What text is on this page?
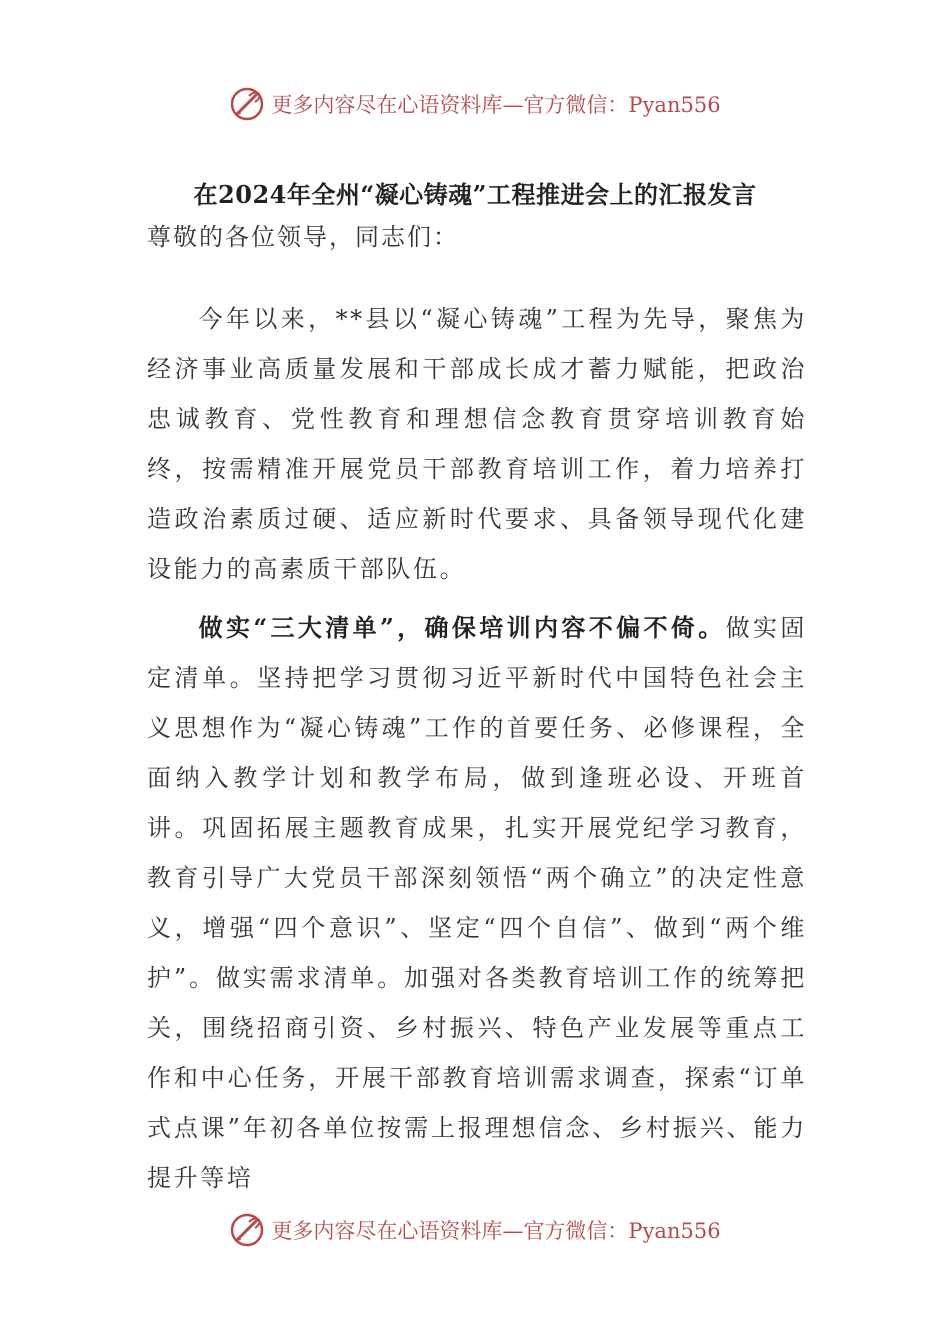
更多内容尽在心语资料库—官方微信：Pyan556
在2024年全州“凝心铸魂”工程推进会上的汇报发言
尊敬的各位领导，同志们：

今年以来，**县以“凝心铸魂”工程为先导，聚焦为经济事业高质量发展和干部成长成才蓄力赋能，把政治忠诚教育、党性教育和理想信念教育贯穿培训教育始终，按需精准开展党员干部教育培训工作，着力培养打造政治素质过硬、适应新时代要求、具备领导现代化建设能力的高素质干部队伍。

做实“三大清单”，确保培训内容不偏不倚。做实固定清单。坚持把学习贯彻习近平新时代中国特色社会主义思想作为“凝心铸魂”工作的首要任务、必修课程，全面纳入教学计划和教学布局，做到逢班必设、开班首讲。巩固拓展主题教育成果，扎实开展党纪学习教育，教育引导广大党员干部深刻领悟“两个确立”的决定性意义，增强“四个意识”、坚定“四个自信”、做到“两个维护”。做实需求清单。加强对各类教育培训工作的统筹把关，围绕招商引资、乡村振兴、特色产业发展等重点工作和中心任务，开展干部教育培训需求调查，探索“订单式点课”年初各单位按需上报理想信念、乡村振兴、能力提升等培

更多内容尽在心语资料库—官方微信：Pyan556
